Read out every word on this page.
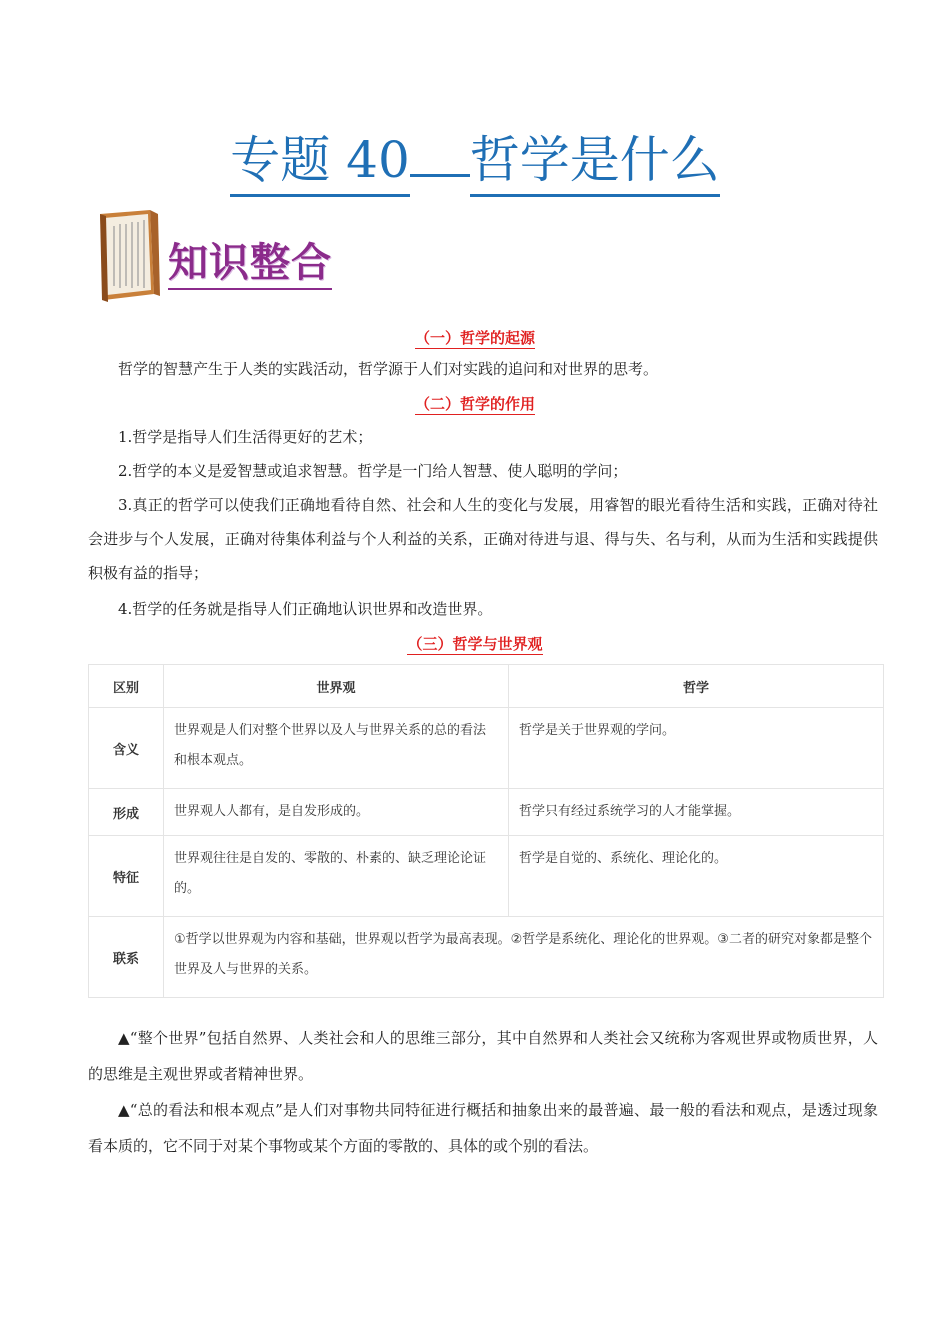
专题 40 哲学是什么
知识整合
（一）哲学的起源
哲学的智慧产生于人类的实践活动，哲学源于人们对实践的追问和对世界的思考。
（二）哲学的作用
1.哲学是指导人们生活得更好的艺术；
2.哲学的本义是爱智慧或追求智慧。哲学是一门给人智慧、使人聪明的学问；
3.真正的哲学可以使我们正确地看待自然、社会和人生的变化与发展，用睿智的眼光看待生活和实践，正确对待社会进步与个人发展，正确对待集体利益与个人利益的关系，正确对待进与退、得与失、名与利，从而为生活和实践提供积极有益的指导；
4.哲学的任务就是指导人们正确地认识世界和改造世界。
（三）哲学与世界观
区别	世界观	哲学
含义	世界观是人们对整个世界以及人与世界关系的总的看法和根本观点。	哲学是关于世界观的学问。
形成	世界观人人都有，是自发形成的。	哲学只有经过系统学习的人才能掌握。
特征	世界观往往是自发的、零散的、朴素的、缺乏理论论证的。	哲学是自觉的、系统化、理论化的。
联系	①哲学以世界观为内容和基础，世界观以哲学为最高表现。②哲学是系统化、理论化的世界观。③二者的研究对象都是整个世界及人与世界的关系。	
▲“整个世界”包括自然界、人类社会和人的思维三部分，其中自然界和人类社会又统称为客观世界或物质世界，人的思维是主观世界或者精神世界。
▲“总的看法和根本观点”是人们对事物共同特征进行概括和抽象出来的最普遍、最一般的看法和观点，是透过现象看本质的，它不同于对某个事物或某个方面的零散的、具体的或个别的看法。
